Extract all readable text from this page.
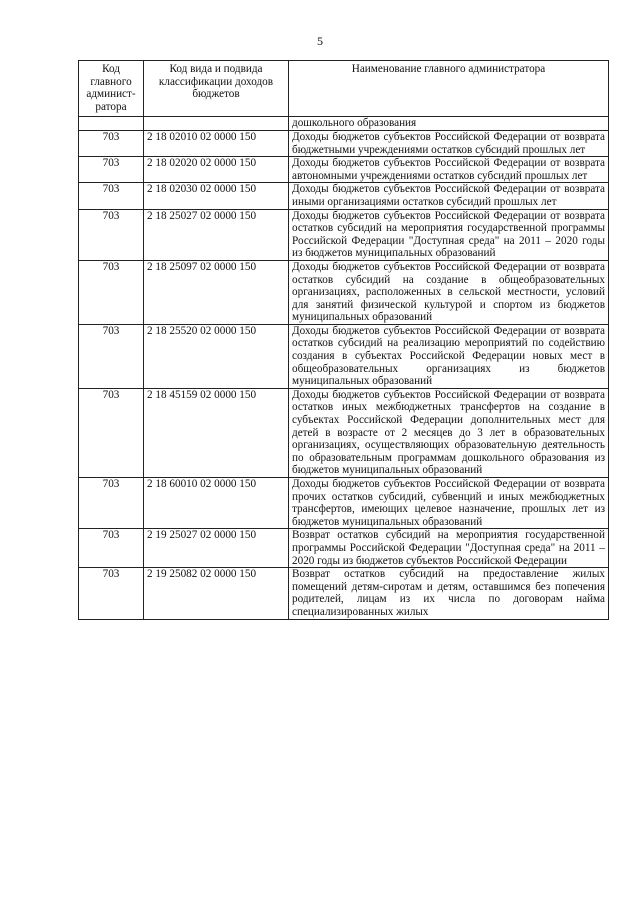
5
Код главного админист-ратора	Код вида и подвида классификации доходов бюджетов	Наименование главного администратора
		дошкольного образования
703	2 18 02010 02 0000 150	Доходы бюджетов субъектов Российской Федерации от возврата бюджетными учреждениями остатков субсидий прошлых лет
703	2 18 02020 02 0000 150	Доходы бюджетов субъектов Российской Федерации от возврата автономными учреждениями остатков субсидий прошлых лет
703	2 18 02030 02 0000 150	Доходы бюджетов субъектов Российской Федерации от возврата иными организациями остатков субсидий прошлых лет
703	2 18 25027 02 0000 150	Доходы бюджетов субъектов Российской Федерации от возврата остатков субсидий на мероприятия государственной программы Российской Федерации "Доступная среда" на 2011 – 2020 годы из бюджетов муниципальных образований
703	2 18 25097 02 0000 150	Доходы бюджетов субъектов Российской Федерации от возврата остатков субсидий на создание в общеобразовательных организациях, расположенных в сельской местности, условий для занятий физической культурой и спортом из бюджетов муниципальных образований
703	2 18 25520 02 0000 150	Доходы бюджетов субъектов Российской Федерации от возврата остатков субсидий на реализацию мероприятий по содействию создания в субъектах Российской Федерации новых мест в общеобразовательных организациях из бюджетов муниципальных образований
703	2 18 45159 02 0000 150	Доходы бюджетов субъектов Российской Федерации от возврата остатков иных межбюджетных трансфертов на создание в субъектах Российской Федерации дополнительных мест для детей в возрасте от 2 месяцев до 3 лет в образовательных организациях, осуществляющих образовательную деятельность по образовательным программам дошкольного образования из бюджетов муниципальных образований
703	2 18 60010 02 0000 150	Доходы бюджетов субъектов Российской Федерации от возврата прочих остатков субсидий, субвенций и иных межбюджетных трансфертов, имеющих целевое назначение, прошлых лет из бюджетов муниципальных образований
703	2 19 25027 02 0000 150	Возврат остатков субсидий на мероприятия государственной программы Российской Федерации "Доступная среда" на 2011 – 2020 годы из бюджетов субъектов Российской Федерации
703	2 19 25082 02 0000 150	Возврат остатков субсидий на предоставление жилых помещений детям-сиротам и детям, оставшимся без попечения родителей, лицам из их числа по договорам найма специализированных жилых
